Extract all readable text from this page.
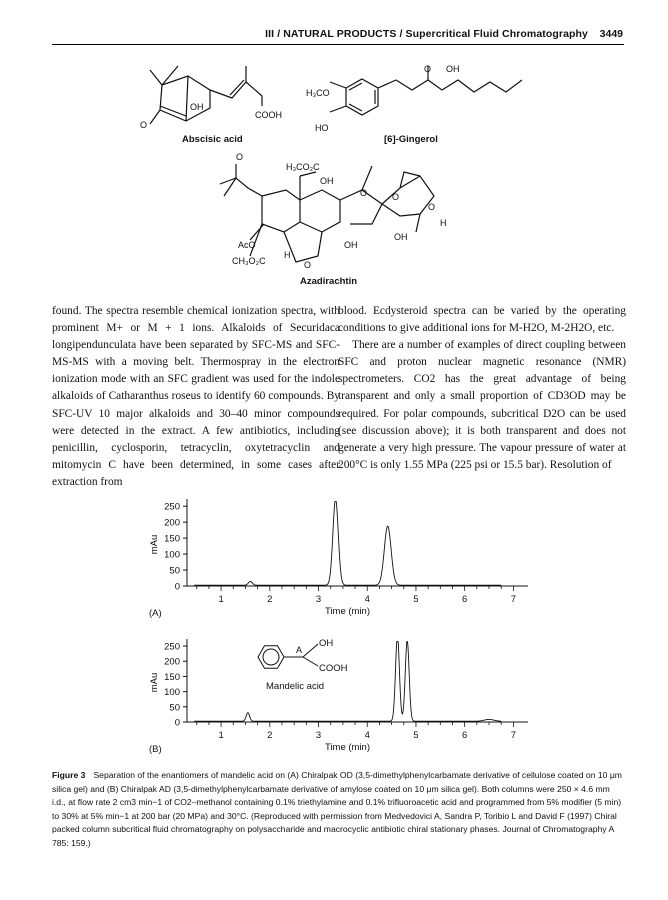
III / NATURAL PRODUCTS / Supercritical Fluid Chromatography 3449
OH
COOH
O
Abscisic acid
H₃CO
HO
O OH
[6]-Gingerol
O
H₃CO₂C
OH
AcO
CH₃O₂C
H
OH
O
OH
O
H
O	O
Azadirachtin

found. The spectra resemble chemical ionization spectra, with prominent M+ or M + 1 ions. Alkaloids of Securidaca longipendunculata have been separated by SFC-MS and SFC-MS-MS with a moving belt. Thermospray in the electron ionization mode with an SFC gradient was used for the indole alkaloids of Catharanthus roseus to identify 60 compounds. By SFC-UV 10 major alkaloids and 30–40 minor compounds were detected in the extract. A few antibiotics, including penicillin, cyclosporin, tetracyclin, oxytetracyclin and mitomycin C have been determined, in some cases after extraction from

blood. Ecdysteroid spectra can be varied by the operating conditions to give additional ions for M-H2O, M-2H2O, etc.

There are a number of examples of direct coupling between SFC and proton nuclear magnetic resonance (NMR) spectrometers. CO2 has the great advantage of being transparent and only a small proportion of CD3OD may be required. For polar compounds, subcritical D2O can be used (see discussion above); it is both transparent and does not generate a very high pressure. The vapour pressure of water at 200°C is only 1.55 MPa (225 psi or 15.5 bar). Resolution of

0
50
100
150
200
250
1	2	3	4	5	6	7
Time (min)
mAu
(A)
0
50
100
150
200
250
1	2	3	4	5	6	7
Time (min)
mAu
(B)
A
OH
COOH
Mandelic acid
Figure 3 Separation of the enantiomers of mandelic acid on (A) Chiralpak OD (3,5-dimethylphenylcarbamate derivative of cellulose coated on 10 μm silica gel) and (B) Chiralpak AD (3,5-dimethylphenylcarbamate derivative of amylose coated on 10 μm silica gel). Both columns were 250 × 4.6 mm i.d., at flow rate 2 cm3 min−1 of CO2–methanol containing 0.1% triethylamine and 0.1% trifluoroacetic acid and programmed from 5% modifier (5 min) to 30% at 5% min−1 at 200 bar (20 MPa) and 30°C. (Reproduced with permission from Medvedovici A, Sandra P, Toribio L and David F (1997) Chiral packed column subcritical fluid chromatography on polysaccharide and macrocyclic antibiotic chiral stationary phases. Journal of Chromatography A 785: 159.)
